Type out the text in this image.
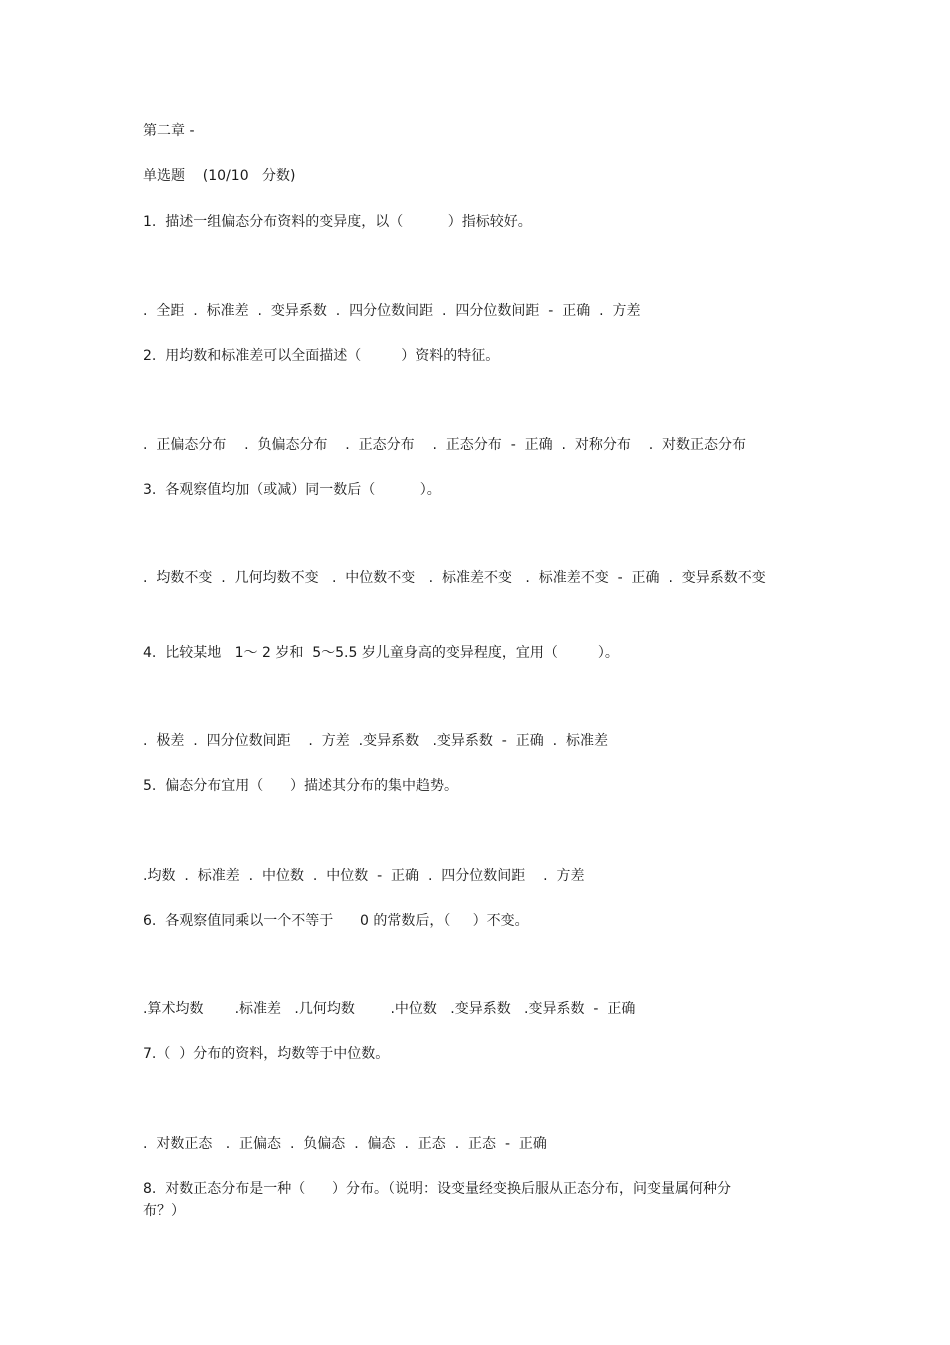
第二章 -
单选题    (10/10   分数)
1.  描述一组偏态分布资料的变异度，以（          ）指标较好。
.  全距  .  标准差  .  变异系数  .  四分位数间距  .  四分位数间距  -  正确  .  方差
2.  用均数和标准差可以全面描述（         ）资料的特征。
.  正偏态分布    .  负偏态分布    .  正态分布    .  正态分布  -  正确  .  对称分布    .  对数正态分布
3.  各观察值均加（或减）同一数后（          ）。
.  均数不变  .  几何均数不变   .  中位数不变   .  标准差不变   .  标准差不变  -  正确  .  变异系数不变
4.  比较某地   1～ 2 岁和  5～5.5 岁儿童身高的变异程度，宜用（         ）。
.  极差  .  四分位数间距    .  方差  .变异系数   .变异系数  -  正确  .  标准差
5.  偏态分布宜用（      ）描述其分布的集中趋势。
.均数  .  标准差  .  中位数  .  中位数  -  正确  .  四分位数间距    .  方差
6.  各观察值同乘以一个不等于      0 的常数后，（     ）不变。
.算术均数       .标准差   .几何均数        .中位数   .变异系数   .变异系数  -  正确
7.（  ）分布的资料，均数等于中位数。
.  对数正态   .  正偏态  .  负偏态  .  偏态  .  正态  .  正态  -  正确
8.  对数正态分布是一种（      ）分布。（说明：设变量经变换后服从正态分布，问变量属何种分布？）
